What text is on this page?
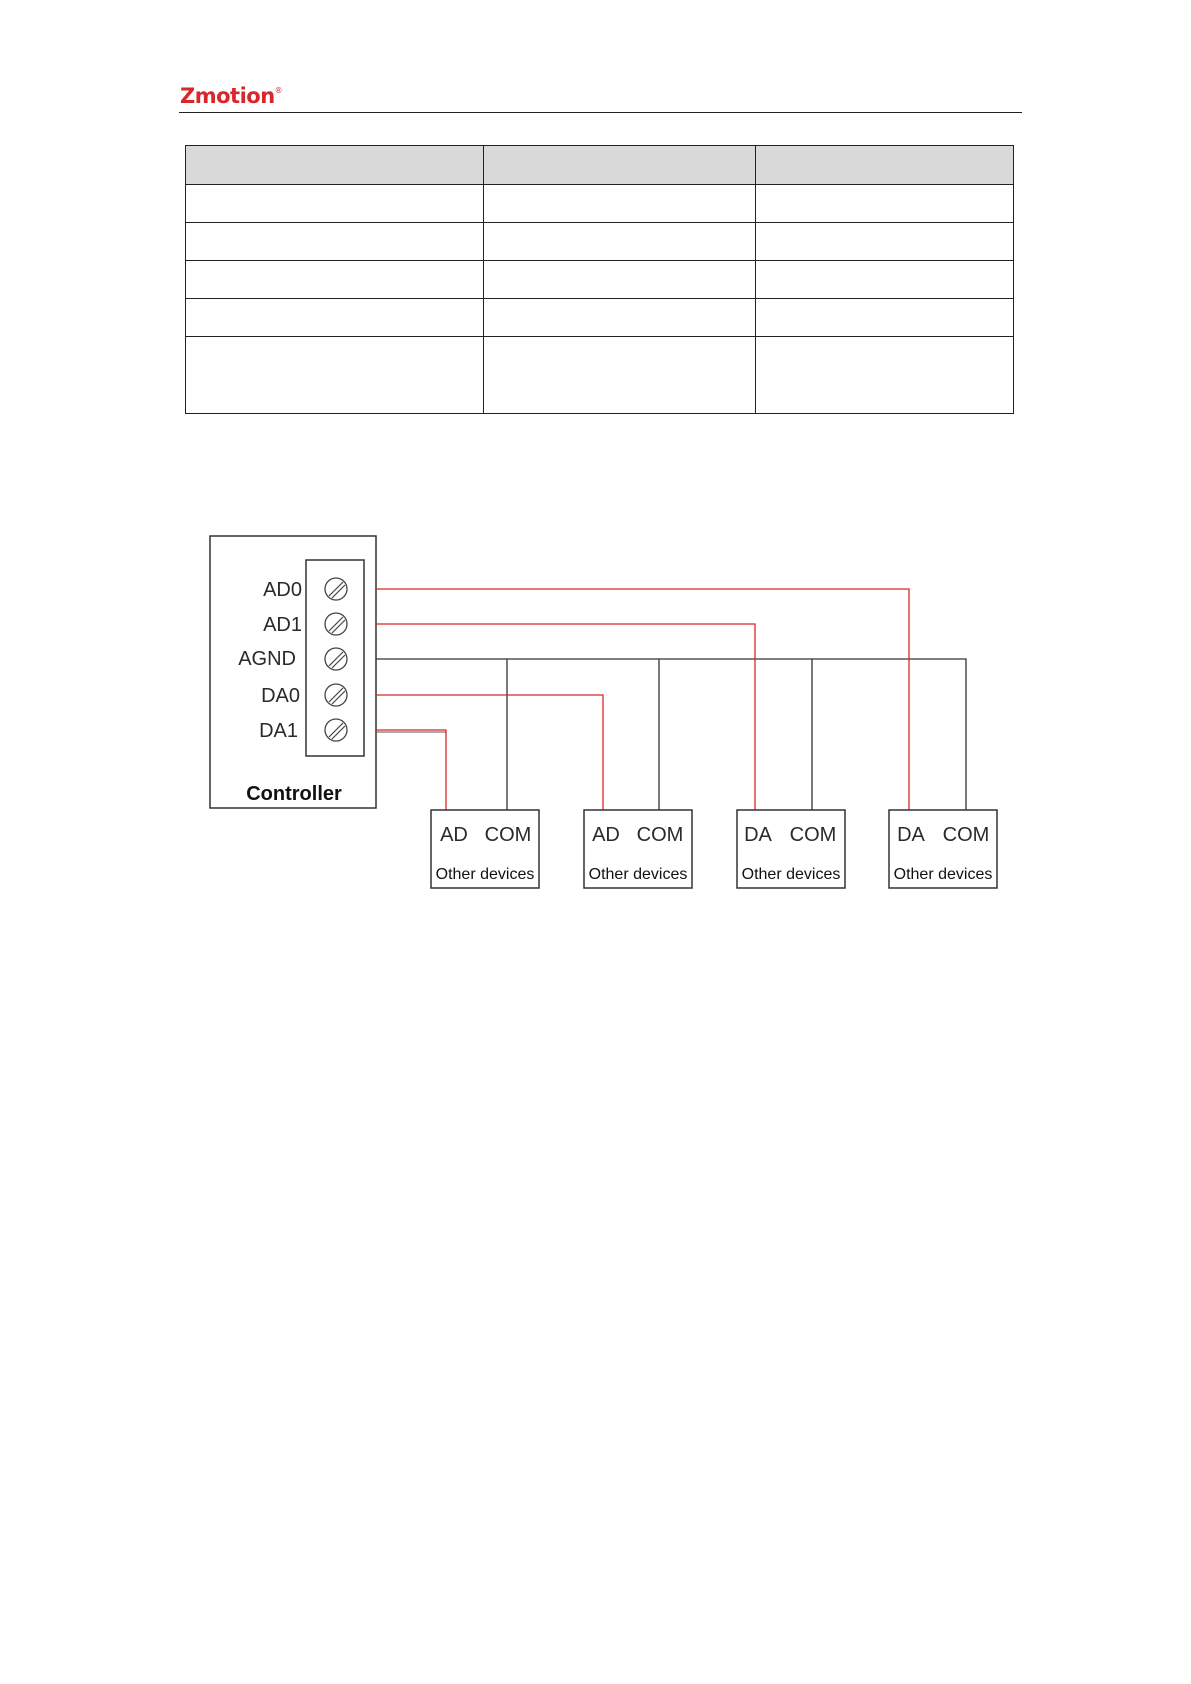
Zmotion®

AD0
AD1
AGND
DA0
DA1
Controller
AD COM
Other devices
AD COM
Other devices
DA COM
Other devices
DA COM
Other devices
